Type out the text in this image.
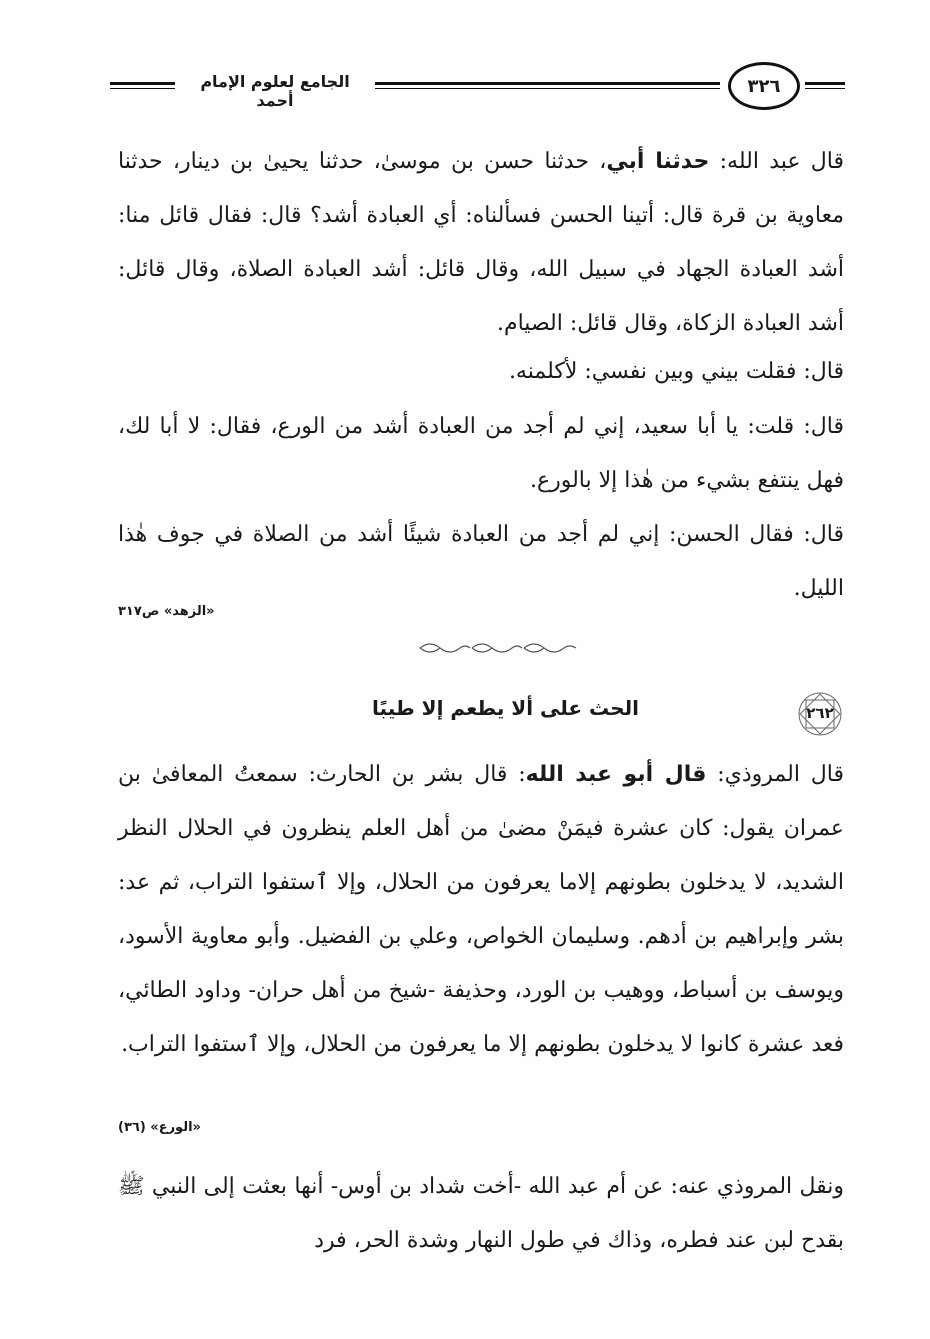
الجامع لعلوم الإمام أحمد
٣٢٦
قال عبد الله: حدثنا أبي، حدثنا حسن بن موسىٰ، حدثنا يحيىٰ بن دينار، حدثنا معاوية بن قرة قال: أتينا الحسن فسألناه: أي العبادة أشد؟ قال: فقال قائل منا: أشد العبادة الجهاد في سبيل الله، وقال قائل: أشد العبادة الصلاة، وقال قائل: أشد العبادة الزكاة، وقال قائل: الصيام.
قال: فقلت بيني وبين نفسي: لأكلمنه.
قال: قلت: يا أبا سعيد، إني لم أجد من العبادة أشد من الورع، فقال: لا أبا لك، فهل ينتفع بشيء من هٰذا إلا بالورع.
قال: فقال الحسن: إني لم أجد من العبادة شيئًا أشد من الصلاة في جوف هٰذا الليل.
«الزهد» ص٣١٧
٢٦٢
الحث على ألا يطعم إلا طيبًا
قال المروذي: قال أبو عبد الله: قال بشر بن الحارث: سمعتُ المعافىٰ بن عمران يقول: كان عشرة فيمَنْ مضىٰ من أهل العلم ينظرون في الحلال النظر الشديد، لا يدخلون بطونهم إلاما يعرفون من الحلال، وإلا ٱستفوا التراب، ثم عد: بشر وإبراهيم بن أدهم. وسليمان الخواص، وعلي بن الفضيل. وأبو معاوية الأسود، ويوسف بن أسباط، ووهيب بن الورد، وحذيفة -شيخ من أهل حران- وداود الطائي، فعد عشرة كانوا لا يدخلون بطونهم إلا ما يعرفون من الحلال، وإلا ٱستفوا التراب.
«الورع» (٣٦)
ونقل المروذي عنه: عن أم عبد الله -أخت شداد بن أوس- أنها بعثت إلى النبي ﷺ بقدح لبن عند فطره، وذاك في طول النهار وشدة الحر، فرد
